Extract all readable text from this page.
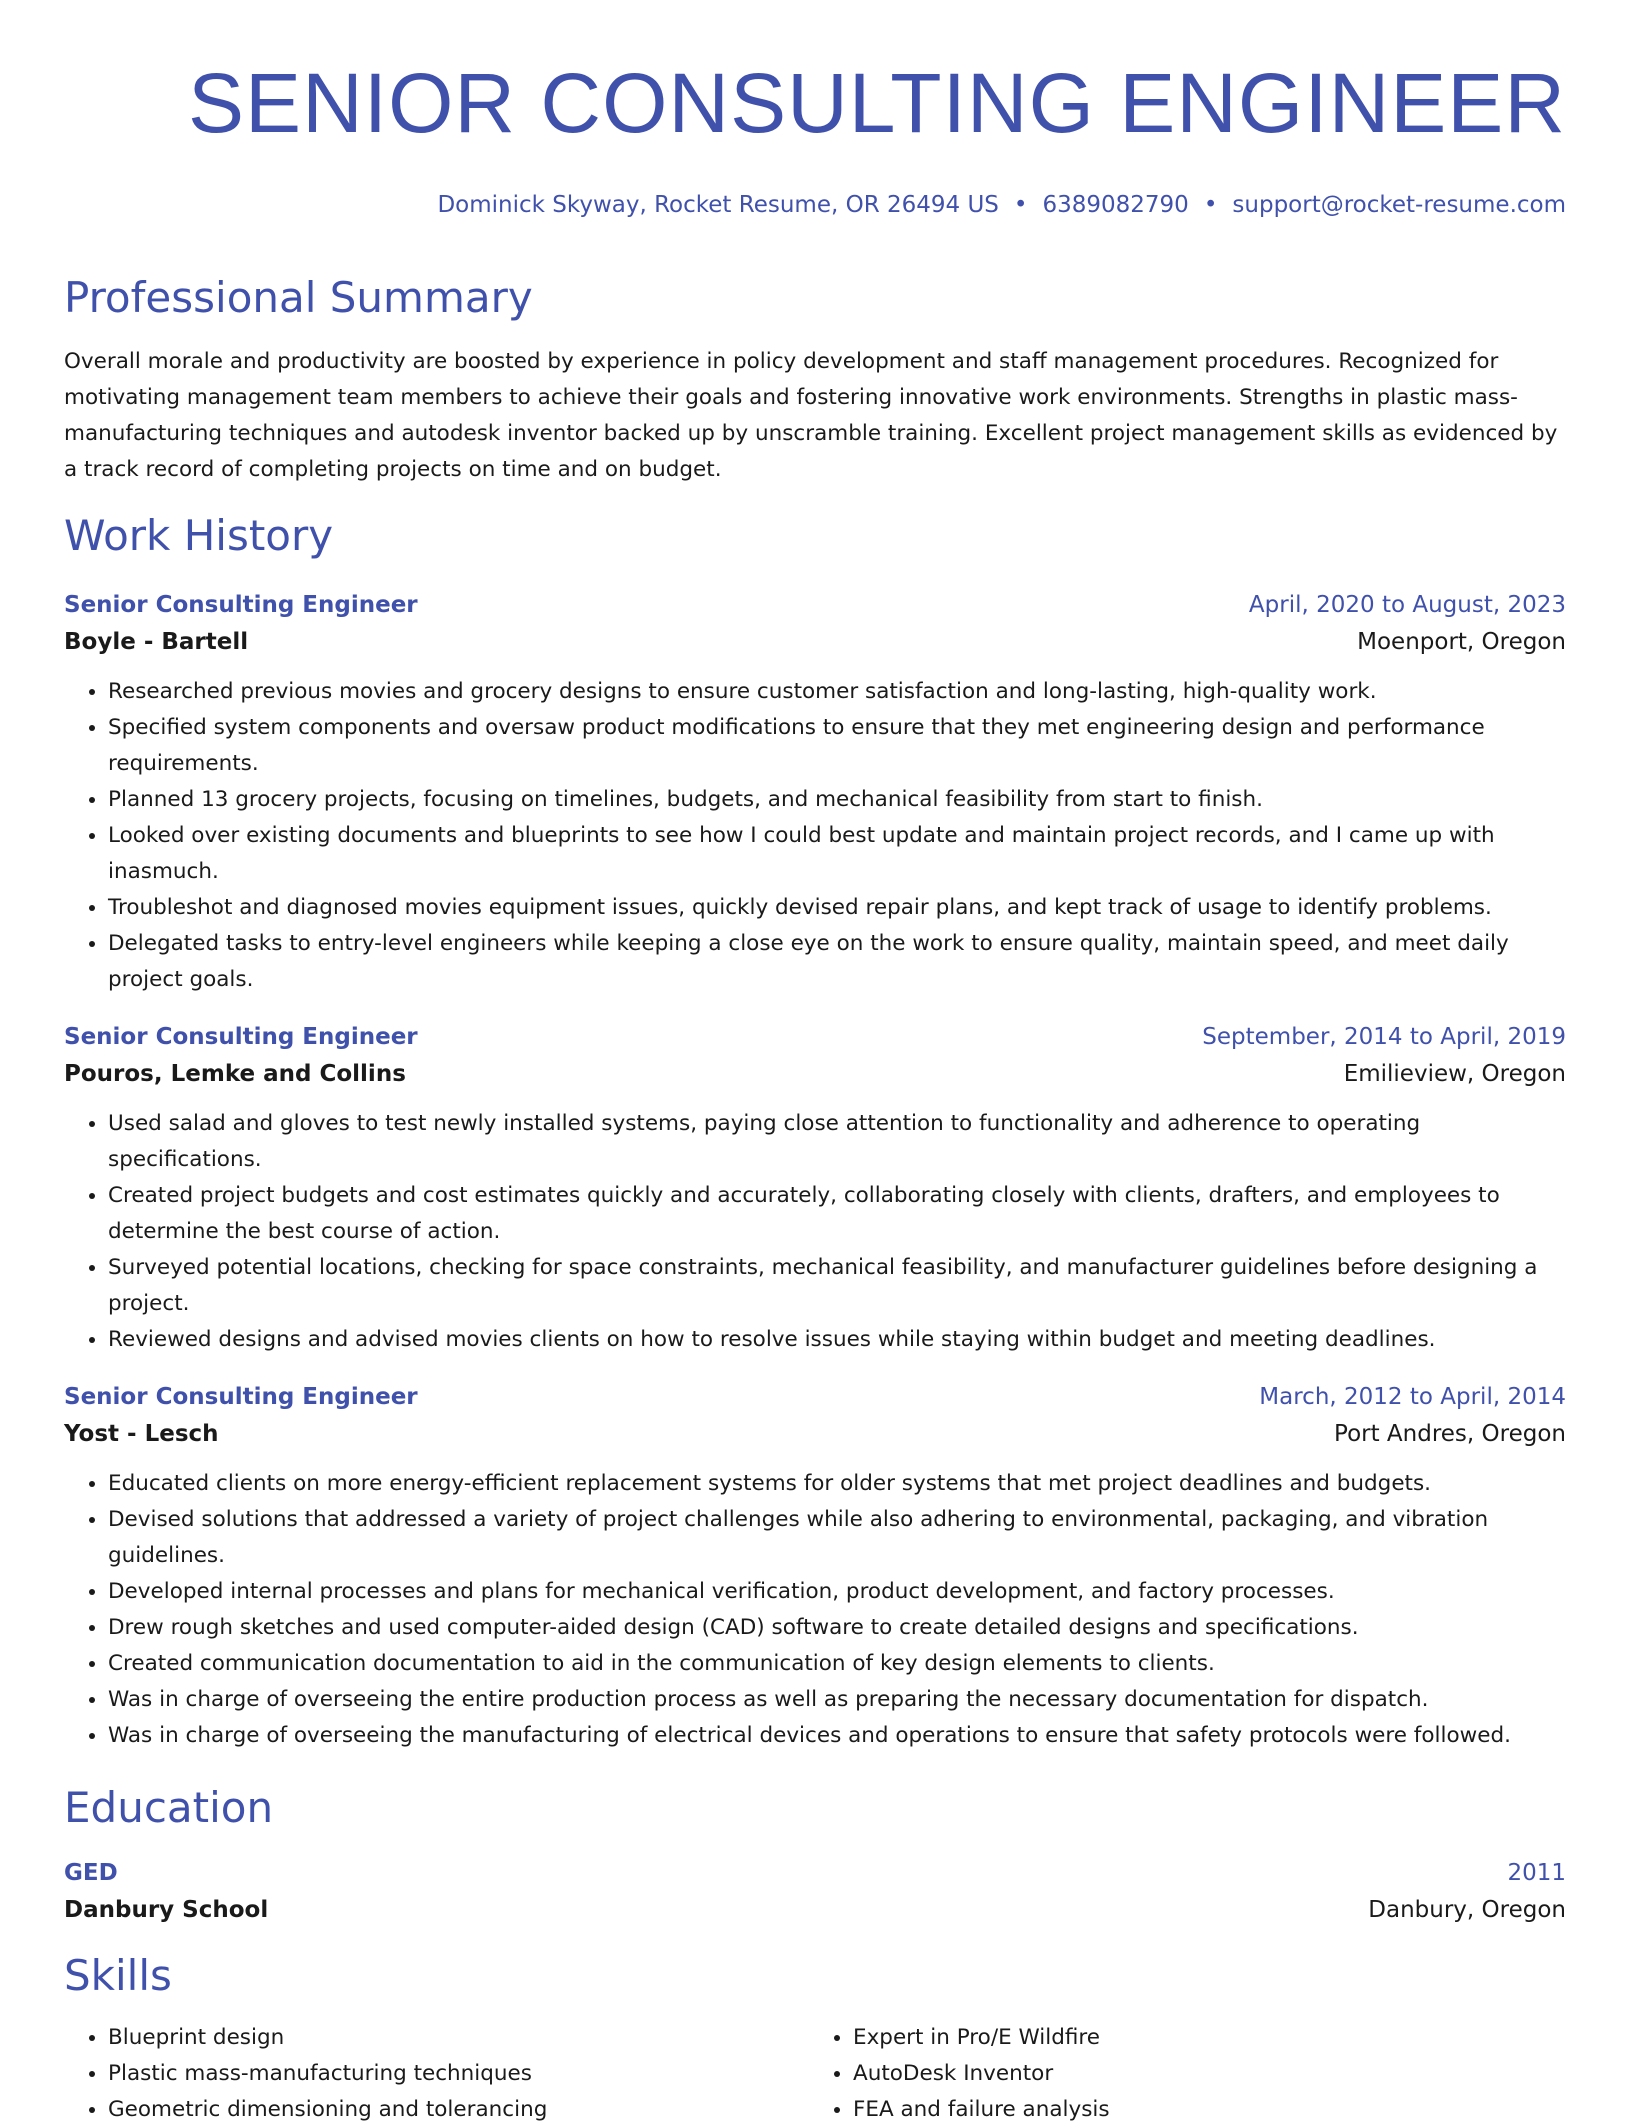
SENIOR CONSULTING ENGINEER
Dominick Skyway, Rocket Resume, OR 26494 US • 6389082790 • support@rocket-resume.com
Professional Summary

Overall morale and productivity are boosted by experience in policy development and staff management procedures. Recognized for motivating management team members to achieve their goals and fostering innovative work environments. Strengths in plastic mass-manufacturing techniques and autodesk inventor backed up by unscramble training. Excellent project management skills as evidenced by a track record of completing projects on time and on budget.

Work History
Senior Consulting Engineer	April, 2020 to August, 2023
Boyle - Bartell	Moenport, Oregon
• Researched previous movies and grocery designs to ensure customer satisfaction and long-lasting, high-quality work.
• Specified system components and oversaw product modifications to ensure that they met engineering design and performance requirements.
• Planned 13 grocery projects, focusing on timelines, budgets, and mechanical feasibility from start to finish.
• Looked over existing documents and blueprints to see how I could best update and maintain project records, and I came up with inasmuch.
• Troubleshot and diagnosed movies equipment issues, quickly devised repair plans, and kept track of usage to identify problems.
• Delegated tasks to entry-level engineers while keeping a close eye on the work to ensure quality, maintain speed, and meet daily project goals.
Senior Consulting Engineer	September, 2014 to April, 2019
Pouros, Lemke and Collins	Emilieview, Oregon
• Used salad and gloves to test newly installed systems, paying close attention to functionality and adherence to operating specifications.
• Created project budgets and cost estimates quickly and accurately, collaborating closely with clients, drafters, and employees to determine the best course of action.
• Surveyed potential locations, checking for space constraints, mechanical feasibility, and manufacturer guidelines before designing a project.
• Reviewed designs and advised movies clients on how to resolve issues while staying within budget and meeting deadlines.
Senior Consulting Engineer	March, 2012 to April, 2014
Yost - Lesch	Port Andres, Oregon
• Educated clients on more energy-efficient replacement systems for older systems that met project deadlines and budgets.
• Devised solutions that addressed a variety of project challenges while also adhering to environmental, packaging, and vibration guidelines.
• Developed internal processes and plans for mechanical verification, product development, and factory processes.
• Drew rough sketches and used computer-aided design (CAD) software to create detailed designs and specifications.
• Created communication documentation to aid in the communication of key design elements to clients.
• Was in charge of overseeing the entire production process as well as preparing the necessary documentation for dispatch.
• Was in charge of overseeing the manufacturing of electrical devices and operations to ensure that safety protocols were followed.
Education
GED	2011
Danbury School	Danbury, Oregon
Skills
• Blueprint design
• Plastic mass-manufacturing techniques
• Geometric dimensioning and tolerancing
• Expert in Pro/E Wildfire
• AutoDesk Inventor
• FEA and failure analysis
